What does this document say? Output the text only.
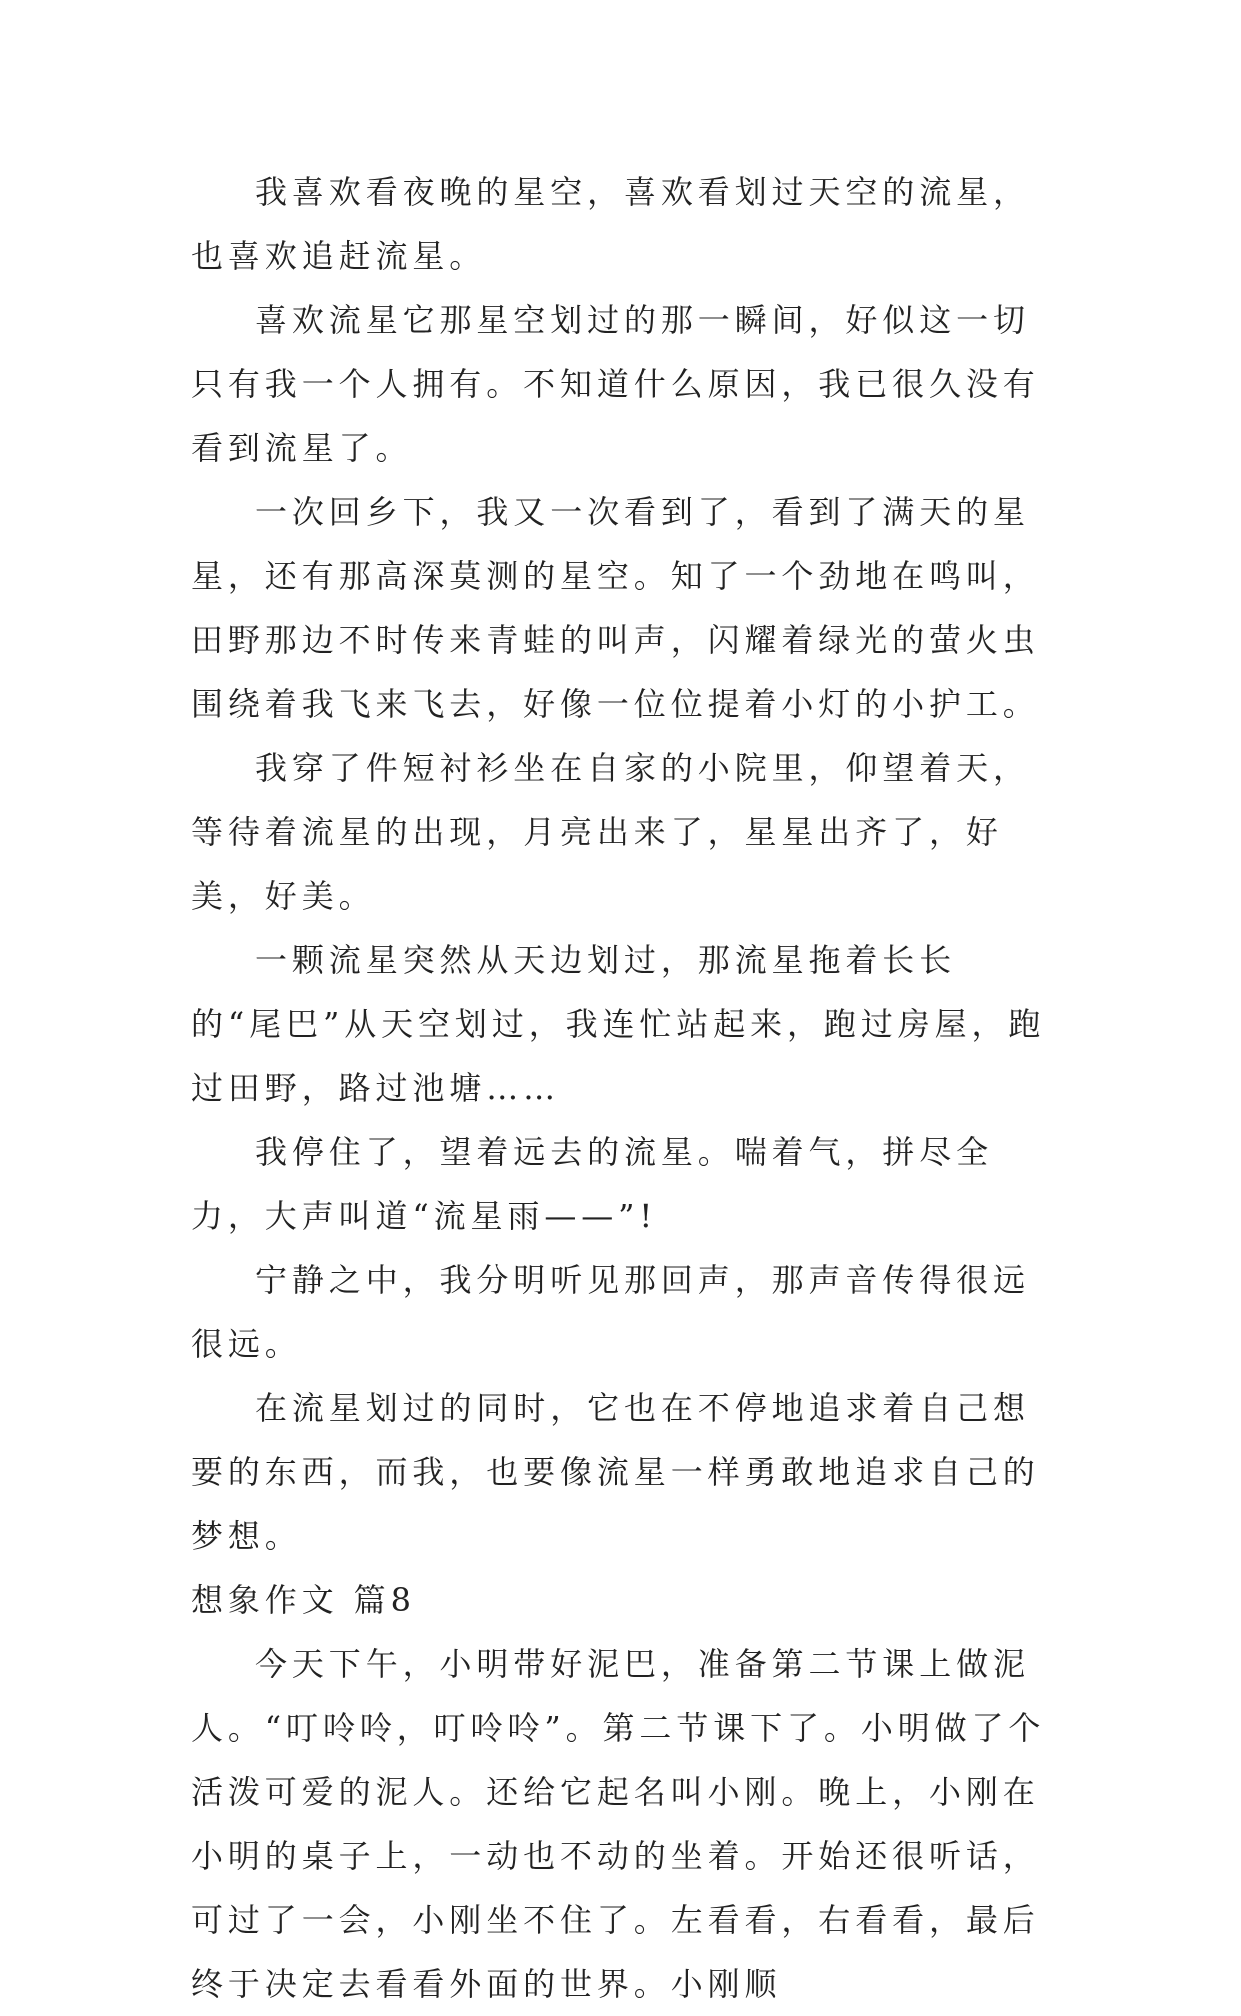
我喜欢看夜晚的星空，喜欢看划过天空的流星，也喜欢追赶流星。

喜欢流星它那星空划过的那一瞬间，好似这一切只有我一个人拥有。不知道什么原因，我已很久没有看到流星了。

一次回乡下，我又一次看到了，看到了满天的星星，还有那高深莫测的星空。知了一个劲地在鸣叫，田野那边不时传来青蛙的叫声，闪耀着绿光的萤火虫围绕着我飞来飞去，好像一位位提着小灯的小护工。

我穿了件短衬衫坐在自家的小院里，仰望着天，等待着流星的出现，月亮出来了，星星出齐了，好美，好美。

一颗流星突然从天边划过，那流星拖着长长的“尾巴”从天空划过，我连忙站起来，跑过房屋，跑过田野，路过池塘……

我停住了，望着远去的流星。喘着气，拼尽全力，大声叫道“流星雨——”!

宁静之中，我分明听见那回声，那声音传得很远很远。

在流星划过的同时，它也在不停地追求着自己想要的东西，而我，也要像流星一样勇敢地追求自己的梦想。

想象作文 篇8

今天下午，小明带好泥巴，准备第二节课上做泥人。“叮呤呤，叮呤呤”。第二节课下了。小明做了个活泼可爱的泥人。还给它起名叫小刚。晚上，小刚在小明的桌子上，一动也不动的坐着。开始还很听话，可过了一会，小刚坐不住了。左看看，右看看，最后终于决定去看看外面的世界。小刚顺
